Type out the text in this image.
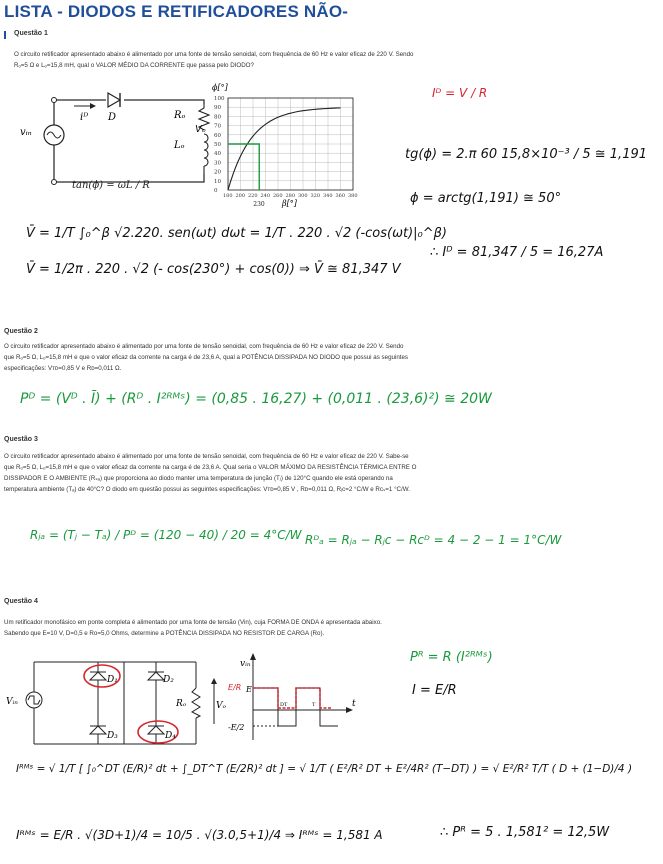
LISTA - DIODOS E RETIFICADORES NÃO-
Questão 1
O circuito retificador apresentado abaixo é alimentado por uma fonte de tensão senoidal, com frequência de 60 Hz e valor eficaz de 220 V. Sendo
Rₒ=5 Ω e Lₒ=15,8 mH, qual o VALOR MÉDIO DA CORRENTE que passa pelo DIODO?
vᵢₙ
iᴰ D	Rₒ
Lₒ
Vₒ
tan(ϕ) = ωL / R
ϕ[°]
100
90
80
70
60
50
40
30
20
10
0
180 200 220 240 260 280 300 320 340 360 380
230 β[°]
Iᴰ = V / R
tg(ϕ) = 2.π 60 15,8×10⁻³ / 5 ≅ 1,191
ϕ = arctg(1,191) ≅ 50°
∴ Iᴰ = 81,347 / 5 = 16,27A
V̄ = 1/T ∫₀^β √2.220. sen(ωt) dωt = 1/T . 220 . √2 (-cos(ωt)|₀^β)
V̄ = 1/2π . 220 . √2 (- cos(230°) + cos(0)) ⇒ V̄ ≅ 81,347 V
Questão 2
O circuito retificador apresentado abaixo é alimentado por uma fonte de tensão senoidal, com frequência de 60 Hz e valor eficaz de 220 V. Sendo
que Rₒ=5 Ω, Lₒ=15,8 mH e que o valor eficaz da corrente na carga é de 23,6 A, qual a POTÊNCIA DISSIPADA NO DIODO que possui as seguintes
especificações: Vᴛᴅ=0,85 V e Rᴅ=0,011 Ω.
Pᴰ = (Vᴰ . Ī) + (Rᴰ . I²ᴿᴹˢ) = (0,85 . 16,27) + (0,011 . (23,6)²) ≅ 20W
Questão 3
O circuito retificador apresentado abaixo é alimentado por uma fonte de tensão senoidal, com frequência de 60 Hz e valor eficaz de 220 V. Sabe-se
que Rₒ=5 Ω, Lₒ=15,8 mH e que o valor eficaz da corrente na carga é de 23,6 A. Qual seria o VALOR MÁXIMO DA RESISTÊNCIA TÉRMICA ENTRE O
DISSIPADOR E O AMBIENTE (Rₛₐ) que proporciona ao diodo manter uma temperatura de junção (Tⱼ) de 120°C quando ele está operando na
temperatura ambiente (Tₐ) de 40°C? O diodo em questão possui as seguintes especificações: Vᴛᴅ=0,85 V , Rᴅ=0,011 Ω, Rⱼᴄ=2 °C/W e Rᴄₛ=1 °C/W.
Rⱼₐ = (Tⱼ − Tₐ) / Pᴰ = (120 − 40) / 20 = 4°C/W Rᴰₐ = Rⱼₐ − Rⱼᴄ − Rᴄᴰ = 4 − 2 − 1 = 1°C/W
Questão 4
Um retificador monofásico em ponte completa é alimentado por uma fonte de tensão (Vin), cuja FORMA DE ONDA é apresentada abaixo.
Sabendo que E=10 V, D=0,5 e Ro=5,0 Ohms, determine a POTÊNCIA DISSIPADA NO RESISTOR DE CARGA (Ro).
Vᵢₙ
D₁	D₂
D₃	D₄
Rₒ	Vₒ
vᵢₙ
E
-E/2
t
DT	T
E/R
Pᴿ = R (I²ᴿᴹˢ)
I = E/R
Iᴿᴹˢ = √ 1/T [ ∫₀^DT (E/R)² dt + ∫_DT^T (E/2R)² dt ] = √ 1/T ( E²/R² DT + E²/4R² (T−DT) ) = √ E²/R² T/T ( D + (1−D)/4 )
Iᴿᴹˢ = E/R . √(3D+1)/4 = 10/5 . √(3.0,5+1)/4 ⇒ Iᴿᴹˢ = 1,581 A	∴ Pᴿ = 5 . 1,581² = 12,5W
